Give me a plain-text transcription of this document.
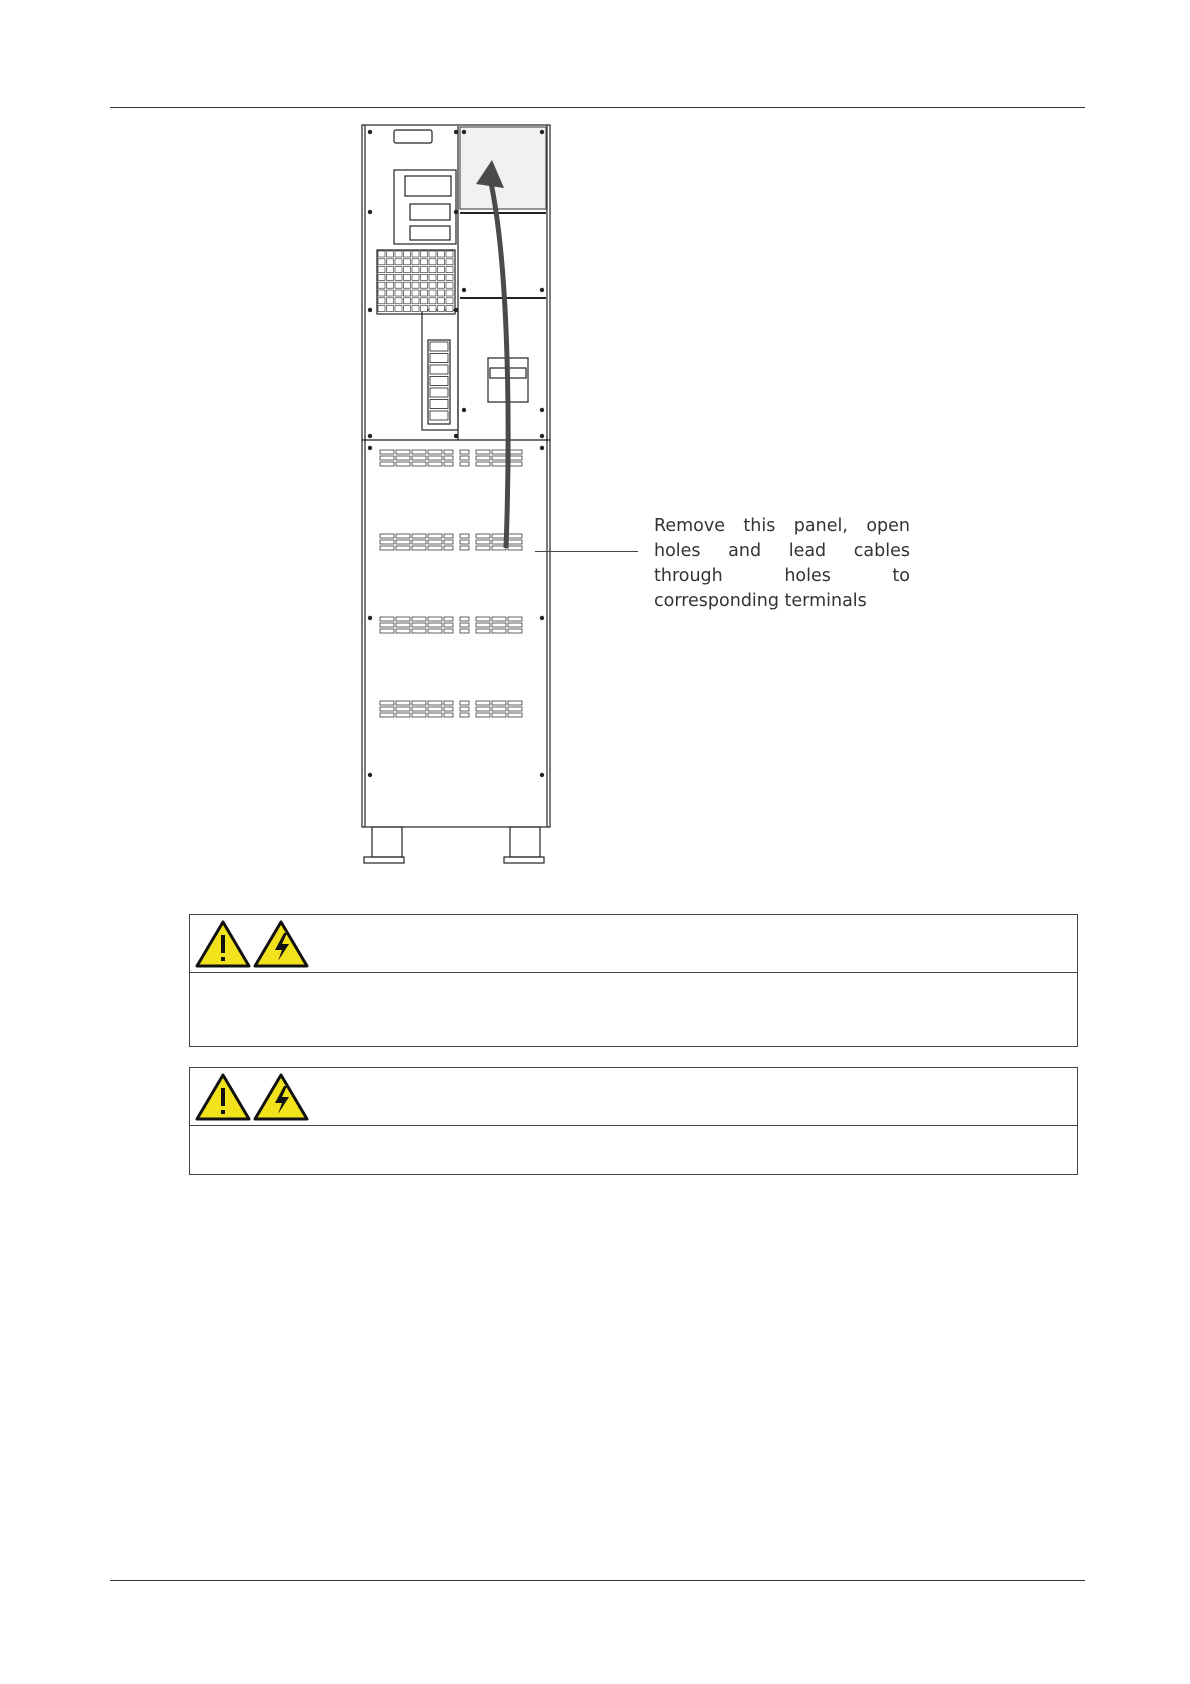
Remove this panel, open holes and lead cables through holes to corresponding terminals
